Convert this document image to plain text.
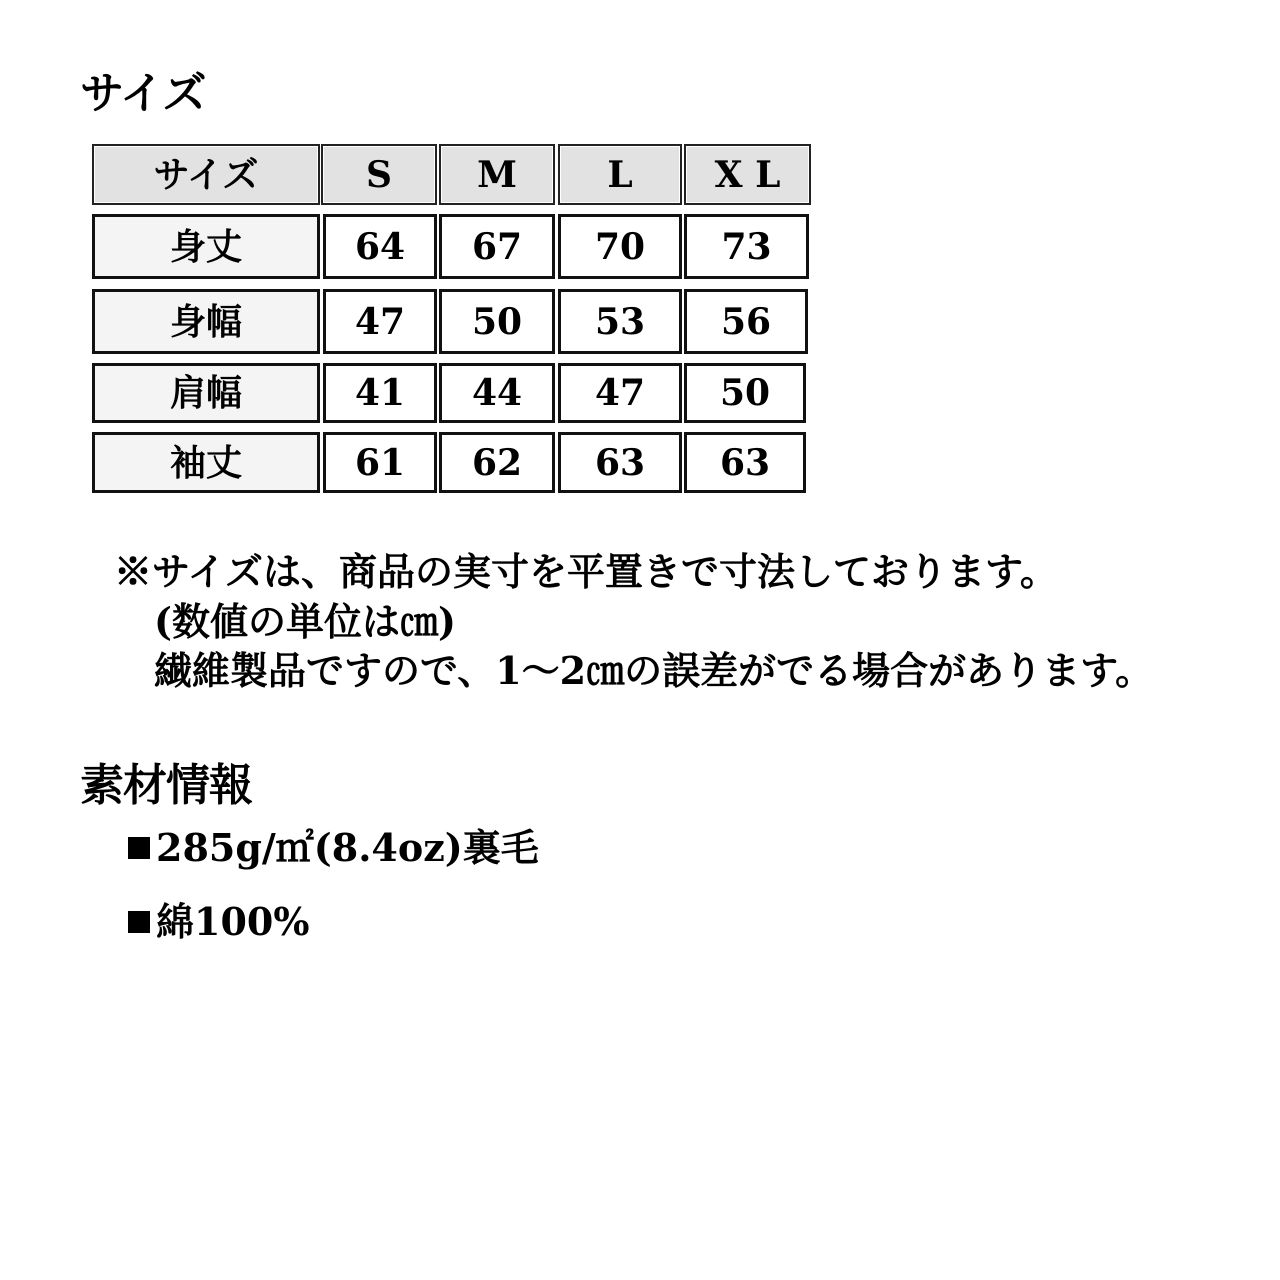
サイズ
サイズ	S	M	L	X L
身丈	64	67	70	73
身幅	47	50	53	56
肩幅	41	44	47	50
袖丈	61	62	63	63
※サイズは、商品の実寸を平置きで寸法しております。
(数値の単位は㎝)
繊維製品ですので、1～2㎝の誤差がでる場合があります。
素材情報
285g/㎡(8.4oz)裏毛
綿100%
